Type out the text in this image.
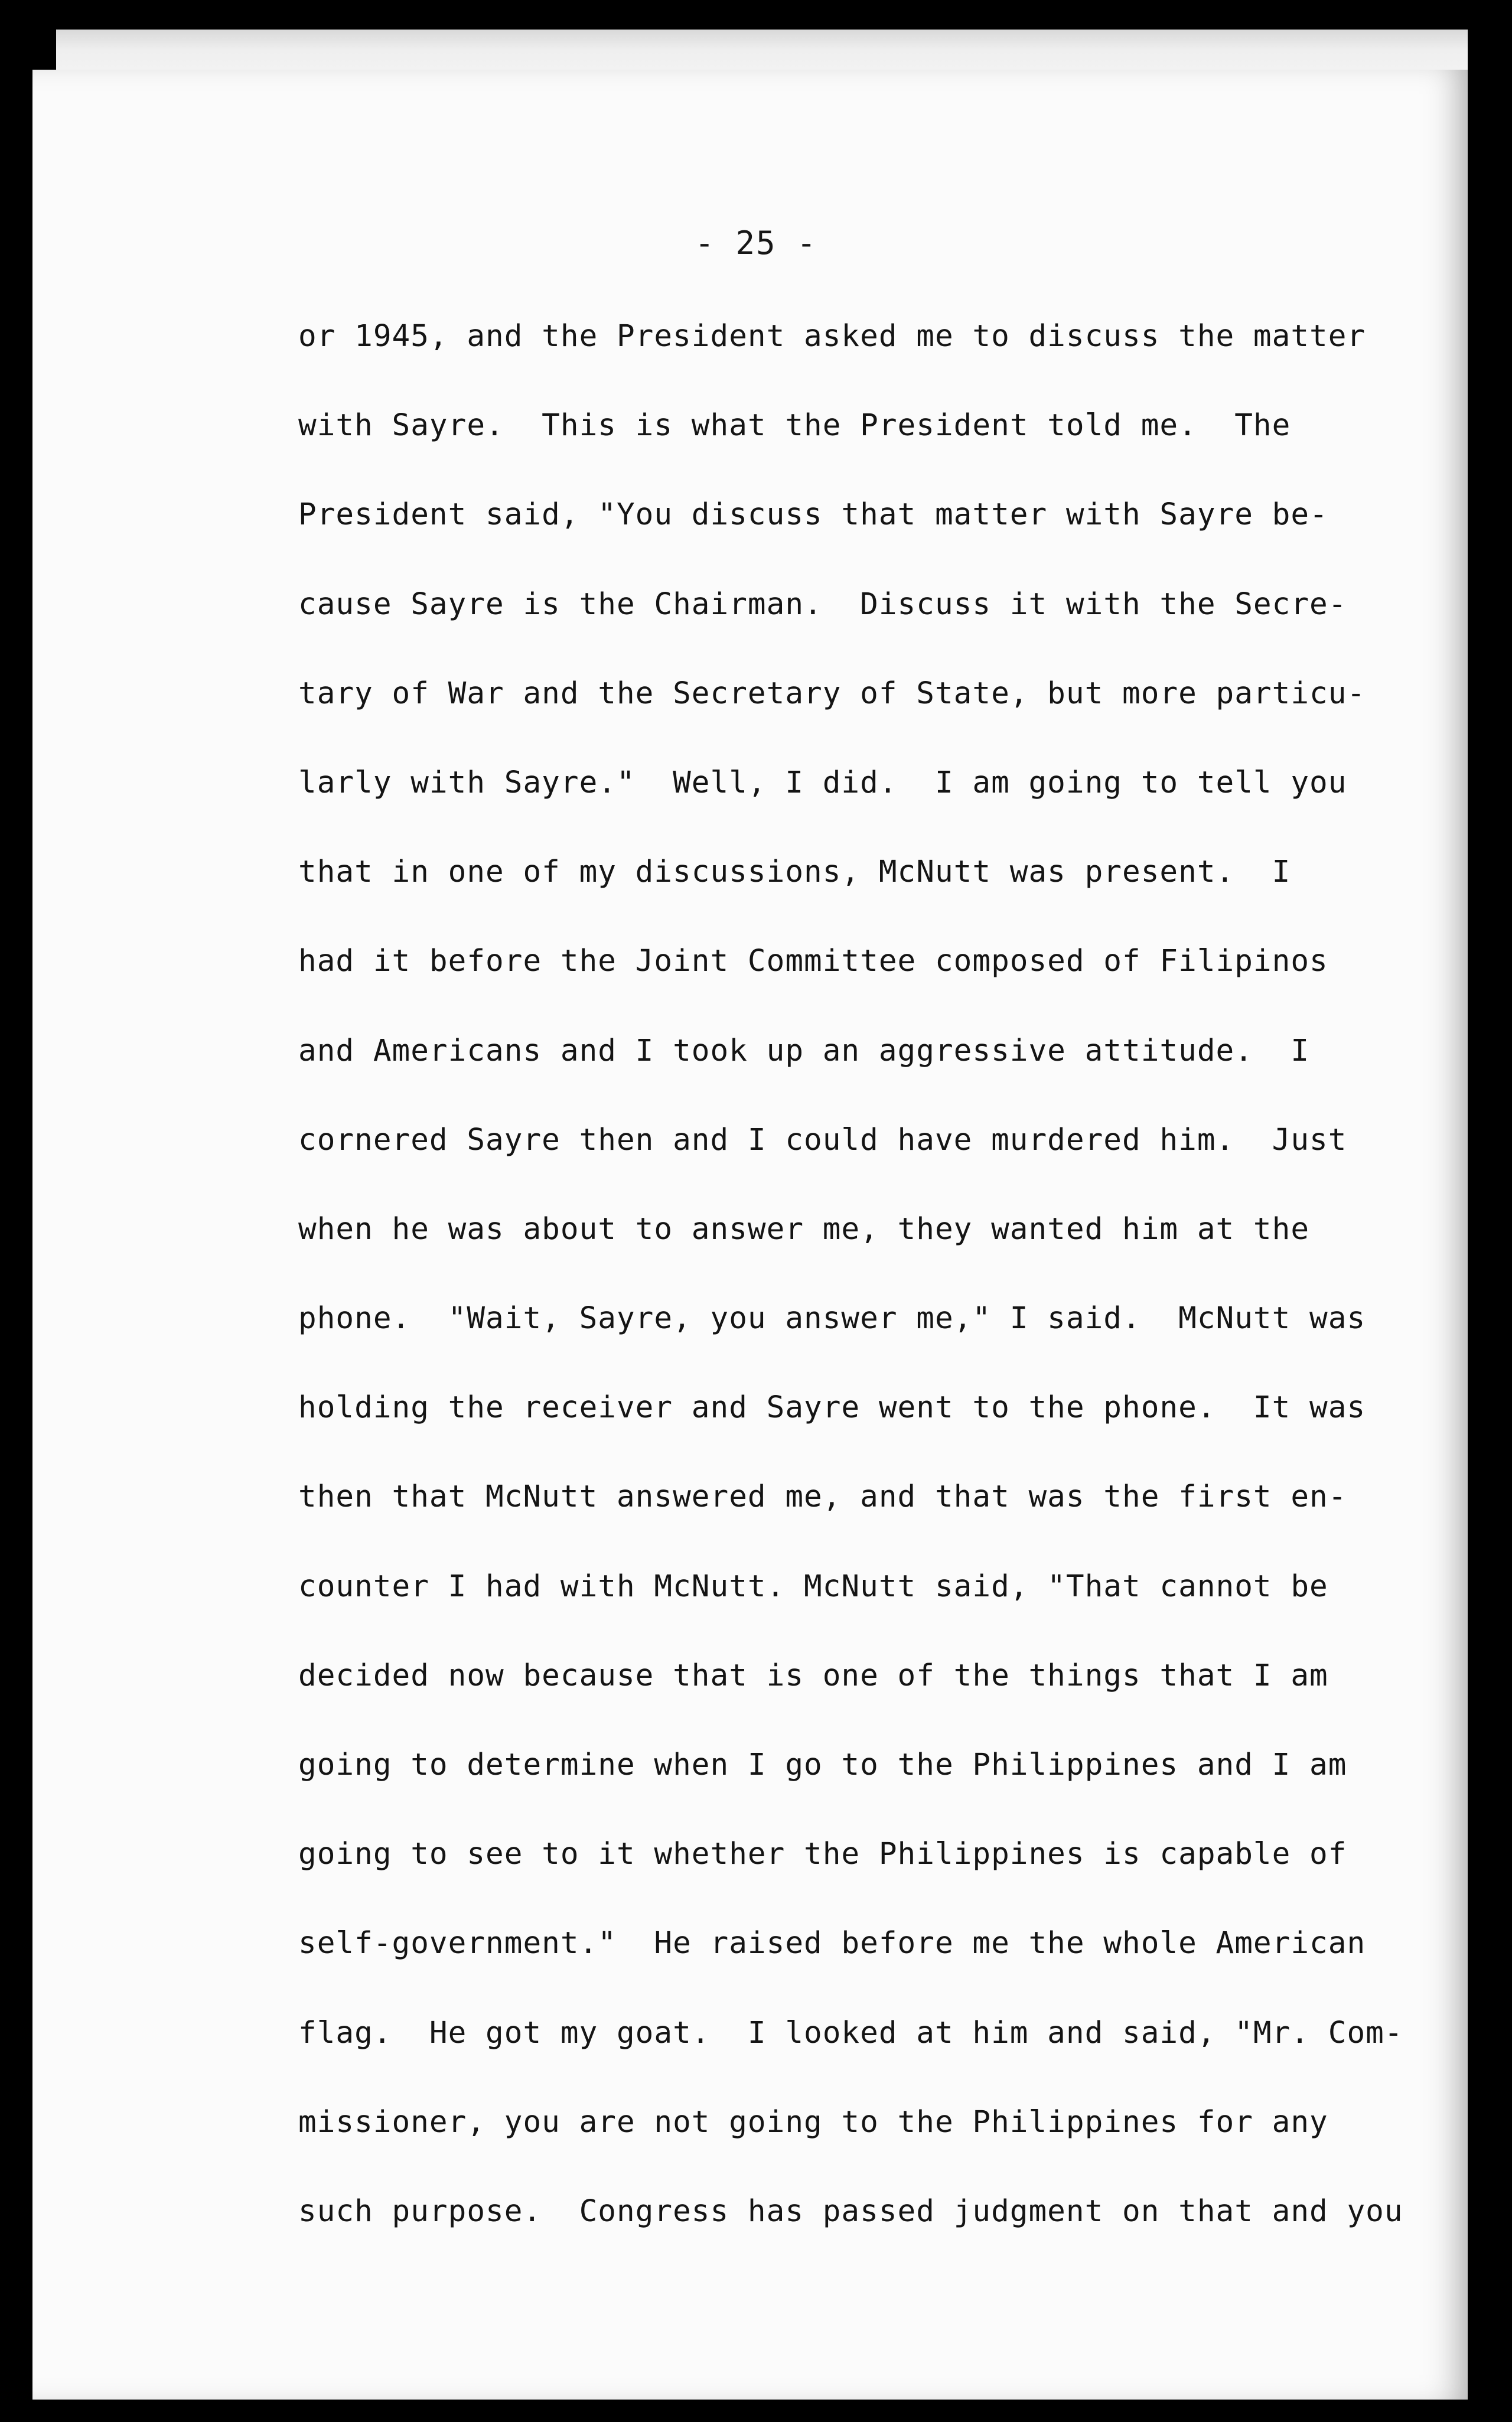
- 25 -
or 1945, and the President asked me to discuss the matter
with Sayre.  This is what the President told me.  The
President said, "You discuss that matter with Sayre be-
cause Sayre is the Chairman.  Discuss it with the Secre-
tary of War and the Secretary of State, but more particu-
larly with Sayre."  Well, I did.  I am going to tell you
that in one of my discussions, McNutt was present.  I
had it before the Joint Committee composed of Filipinos
and Americans and I took up an aggressive attitude.  I
cornered Sayre then and I could have murdered him.  Just
when he was about to answer me, they wanted him at the
phone.  "Wait, Sayre, you answer me," I said.  McNutt was
holding the receiver and Sayre went to the phone.  It was
then that McNutt answered me, and that was the first en-
counter I had with McNutt. McNutt said, "That cannot be
decided now because that is one of the things that I am
going to determine when I go to the Philippines and I am
going to see to it whether the Philippines is capable of
self-government."  He raised before me the whole American
flag.  He got my goat.  I looked at him and said, "Mr. Com-
missioner, you are not going to the Philippines for any
such purpose.  Congress has passed judgment on that and you
